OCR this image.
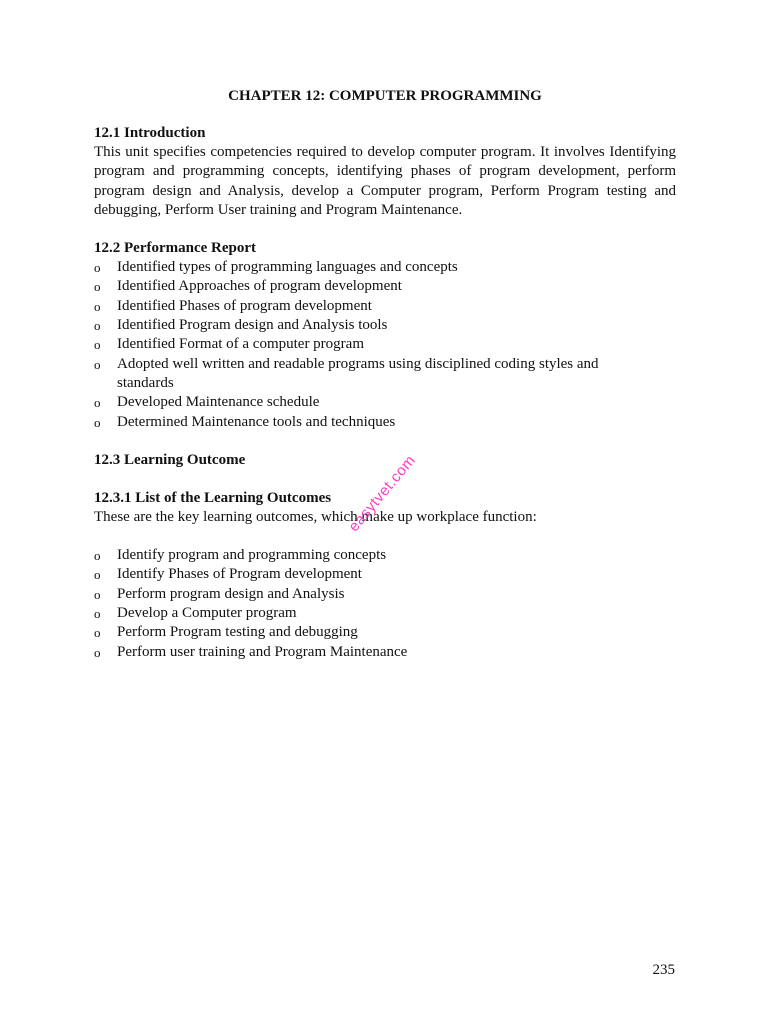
CHAPTER 12: COMPUTER PROGRAMMING
12.1 Introduction

This unit specifies competencies required to develop computer program. It involves Identifying program and programming concepts, identifying phases of program development, perform program design and Analysis, develop a Computer program, Perform Program testing and debugging, Perform User training and Program Maintenance.

12.2 Performance Report
o Identified types of programming languages and concepts
o Identified Approaches of program development
o Identified Phases of program development
o Identified Program design and Analysis tools
o Identified Format of a computer program
o Adopted well written and readable programs using disciplined coding styles and standards
o Developed Maintenance schedule
o Determined Maintenance tools and techniques
12.3 Learning Outcome
12.3.1 List of the Learning Outcomes

These are the key learning outcomes, which make up workplace function:

o Identify program and programming concepts
o Identify Phases of Program development
o Perform program design and Analysis
o Develop a Computer program
o Perform Program testing and debugging
o Perform user training and Program Maintenance
easytvet.com
235
